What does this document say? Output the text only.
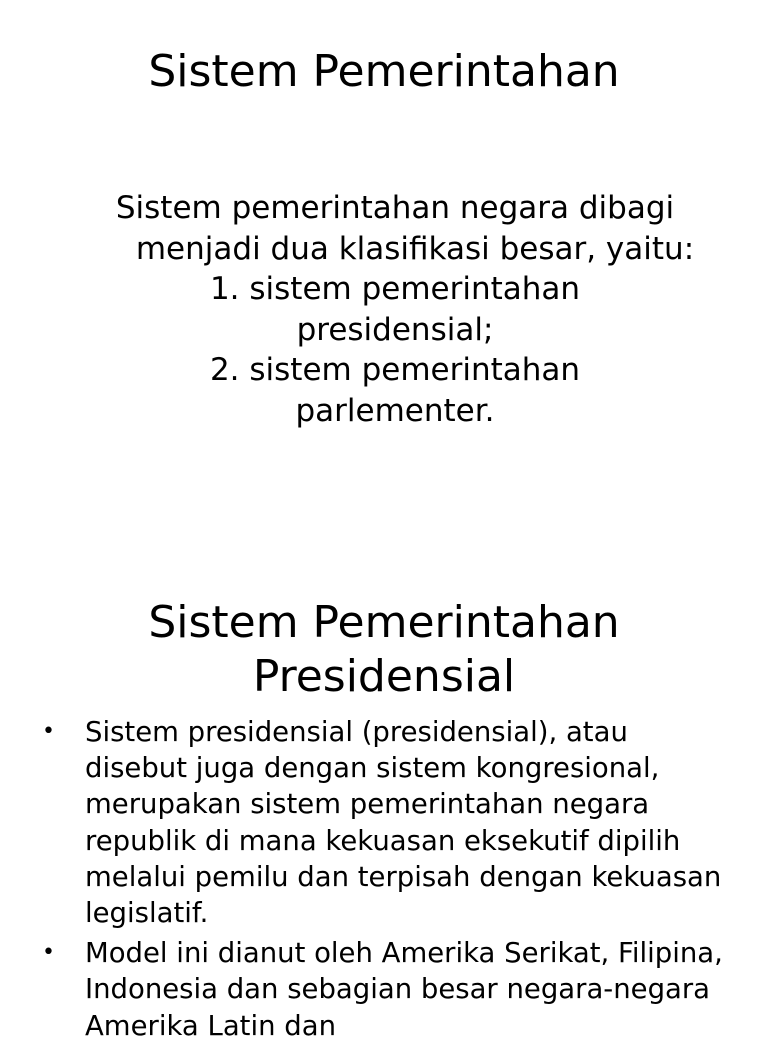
Sistem Pemerintahan
Sistem pemerintahan negara dibagi
menjadi dua klasifikasi besar, yaitu:
1. sistem pemerintahan
presidensial;
2. sistem pemerintahan
parlementer.
Sistem Pemerintahan
Presidensial
• Sistem presidensial (presidensial), atau disebut juga dengan sistem kongresional, merupakan sistem pemerintahan negara republik di mana kekuasan eksekutif dipilih melalui pemilu dan terpisah dengan kekuasan legislatif.
• Model ini dianut oleh Amerika Serikat, Filipina, Indonesia dan sebagian besar negara-negara Amerika Latin dan
